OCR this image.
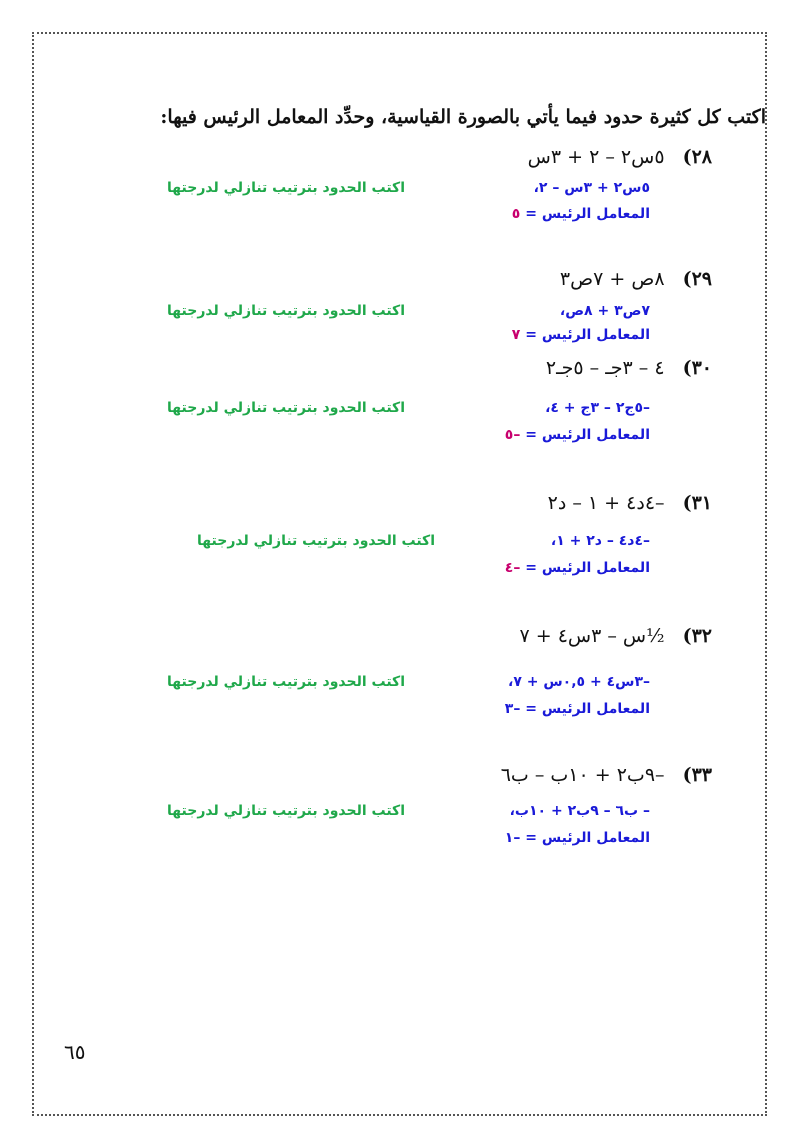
اكتب كل كثيرة حدود فيما يأتي بالصورة القياسية، وحدِّد المعامل الرئيس فيها:
٢٨) ٥س٢ – ٢ + ٣س
٥س٢ + ٣س – ٢،
اكتب الحدود بترتيب تنازلي لدرجتها
المعامل الرئيس = ٥
٢٩) ٨ص + ٧ص٣
٧ص٣ + ٨ص،
اكتب الحدود بترتيب تنازلي لدرجتها
المعامل الرئيس = ٧
٣٠) ٤ – ٣جـ – ٥جـ٢
–٥ج٢ – ٣ج + ٤،
اكتب الحدود بترتيب تنازلي لدرجتها
المعامل الرئيس = –٥
٣١) –٤د٤ + ١ – د٢
–٤د٤ – د٢ + ١،
اكتب الحدود بترتيب تنازلي لدرجتها
المعامل الرئيس = –٤
٣٢) ½س – ٣س٤ + ٧
–٣س٤ + ٠,٥س + ٧،
اكتب الحدود بترتيب تنازلي لدرجتها
المعامل الرئيس = –٣
٣٣) –٩ب٢ + ١٠ب – ب٦
– ب٦ – ٩ب٢ + ١٠ب،
اكتب الحدود بترتيب تنازلي لدرجتها
المعامل الرئيس = –١
٦٥
